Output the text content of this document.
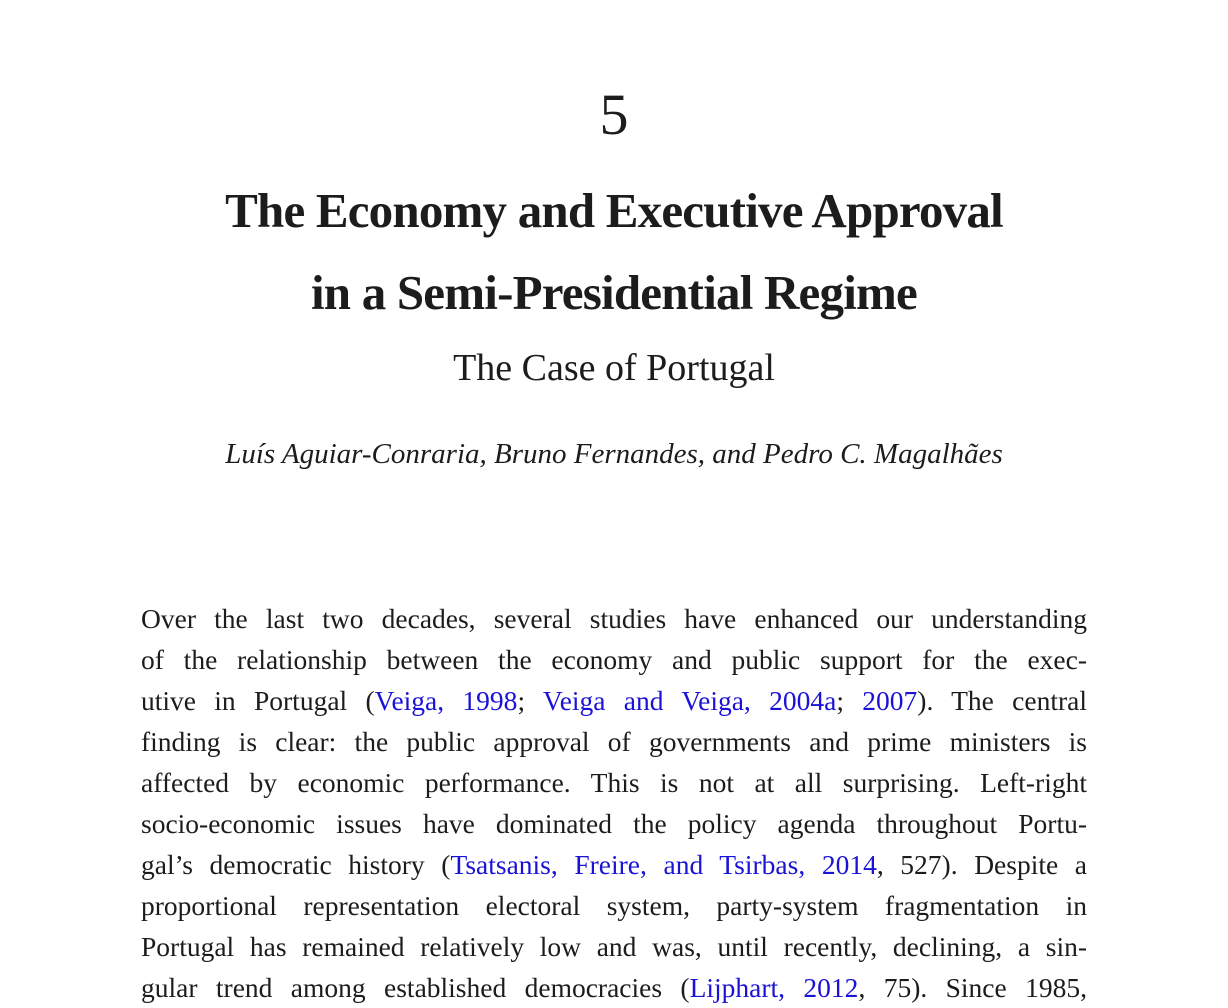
5
The Economy and Executive Approval
in a Semi-Presidential Regime
The Case of Portugal
Luís Aguiar-Conraria, Bruno Fernandes, and Pedro C. Magalhães
Over the last two decades, several studies have enhanced our understanding
of the relationship between the economy and public support for the exec-
utive in Portugal (Veiga, 1998; Veiga and Veiga, 2004a; 2007). The central
finding is clear: the public approval of governments and prime ministers is
affected by economic performance. This is not at all surprising. Left-right
socio-economic issues have dominated the policy agenda throughout Portu-
gal’s democratic history (Tsatsanis, Freire, and Tsirbas, 2014, 527). Despite a
proportional representation electoral system, party-system fragmentation in
Portugal has remained relatively low and was, until recently, declining, a sin-
gular trend among established democracies (Lijphart, 2012, 75). Since 1985,
